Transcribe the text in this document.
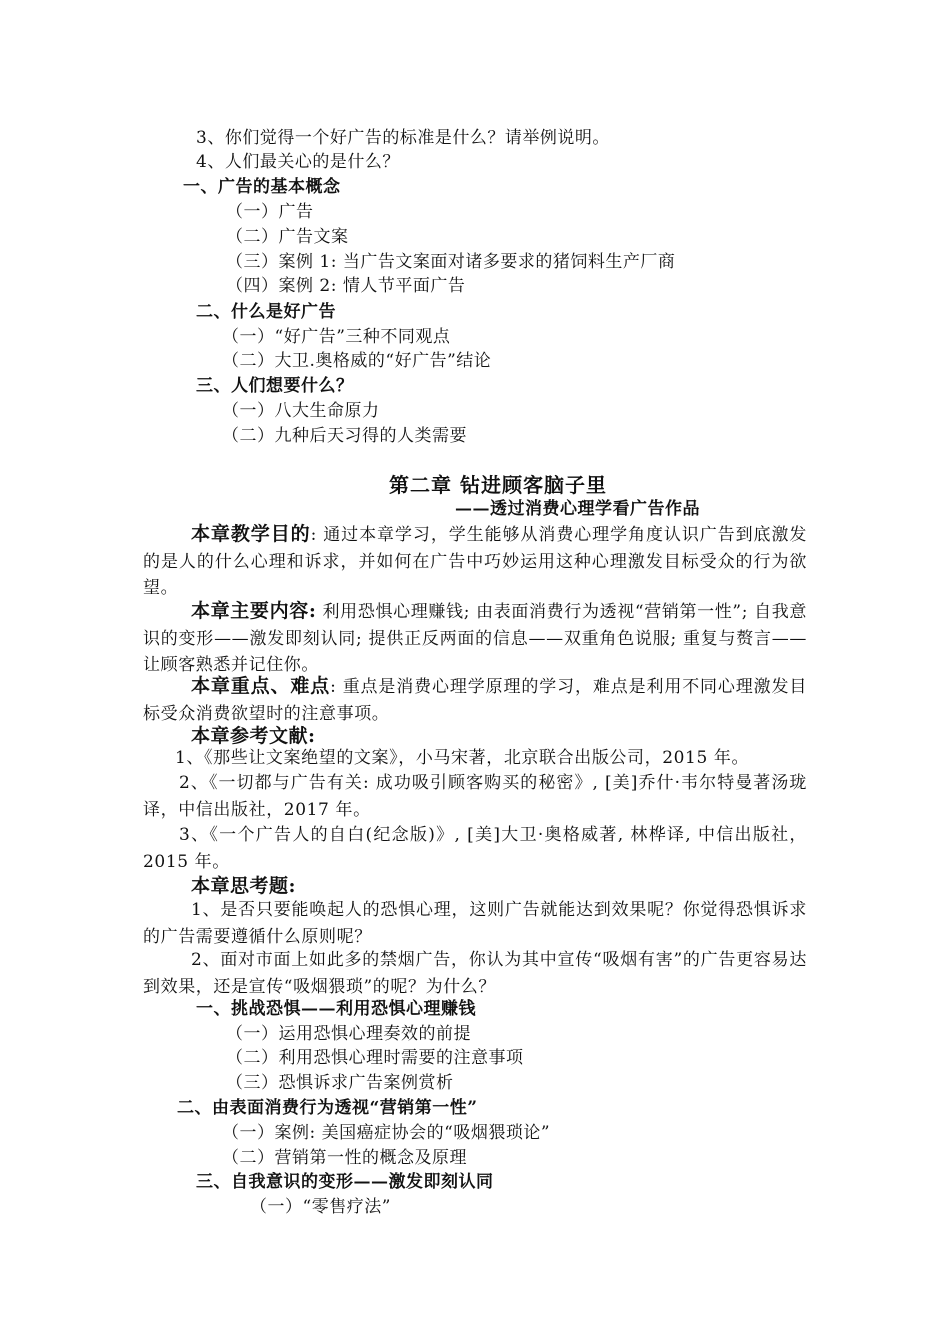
3、你们觉得一个好广告的标准是什么？请举例说明。
4、人们最关心的是什么？
一、广告的基本概念
（一）广告
（二）广告文案
（三）案例 1: 当广告文案面对诸多要求的猪饲料生产厂商
（四）案例 2: 情人节平面广告
二、什么是好广告
（一）“好广告”三种不同观点
（二）大卫.奥格威的“好广告”结论
三、人们想要什么？
（一）八大生命原力
（二）九种后天习得的人类需要
第二章 钻进顾客脑子里
——透过消费心理学看广告作品
本章教学目的: 通过本章学习，学生能够从消费心理学角度认识广告到底激发的是人的什么心理和诉求，并如何在广告中巧妙运用这种心理激发目标受众的行为欲望。
本章主要内容: 利用恐惧心理赚钱; 由表面消费行为透视“营销第一性”; 自我意识的变形——激发即刻认同; 提供正反两面的信息——双重角色说服; 重复与赘言——让顾客熟悉并记住你。
本章重点、难点: 重点是消费心理学原理的学习，难点是利用不同心理激发目标受众消费欲望时的注意事项。
本章参考文献:
1、《那些让文案绝望的文案》，小马宋著，北京联合出版公司，2015 年。
2、《一切都与广告有关: 成功吸引顾客购买的秘密》, [美]乔什·韦尔特曼著汤珑译，中信出版社，2017 年。
3、《一个广告人的自白(纪念版)》, [美]大卫·奥格威著, 林桦译, 中信出版社，2015 年。
本章思考题:
1、是否只要能唤起人的恐惧心理，这则广告就能达到效果呢？你觉得恐惧诉求的广告需要遵循什么原则呢？
2、面对市面上如此多的禁烟广告，你认为其中宣传“吸烟有害”的广告更容易达到效果，还是宣传“吸烟猥琐”的呢？为什么？
一、挑战恐惧——利用恐惧心理赚钱
（一）运用恐惧心理奏效的前提
（二）利用恐惧心理时需要的注意事项
（三）恐惧诉求广告案例赏析
二、由表面消费行为透视“营销第一性”
（一）案例: 美国癌症协会的“吸烟猥琐论”
（二）营销第一性的概念及原理
三、自我意识的变形——激发即刻认同
（一）“零售疗法”
